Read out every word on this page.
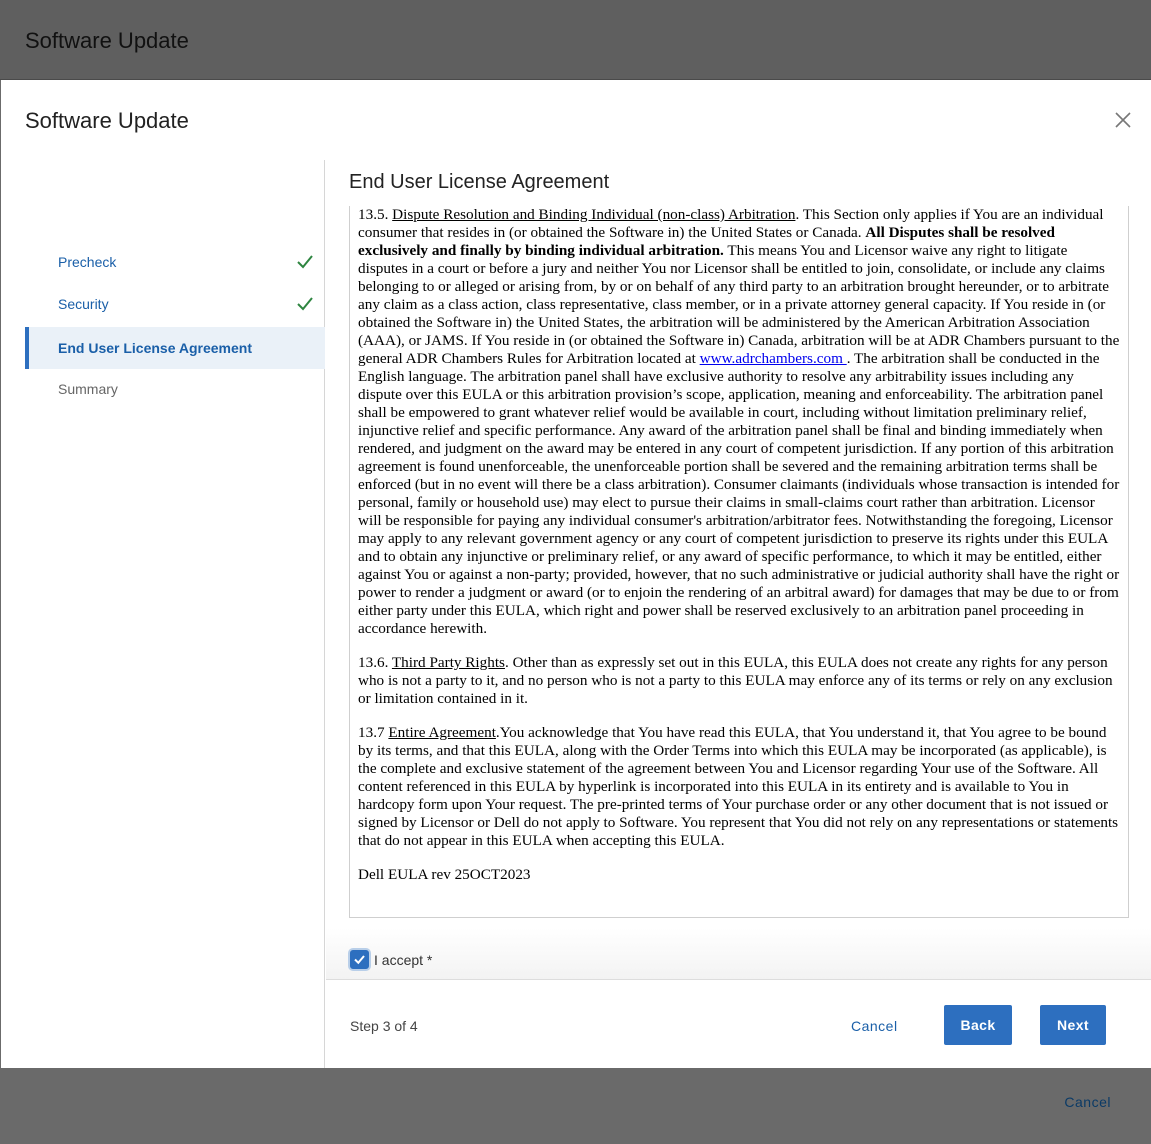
Software Update
Software Update
Precheck
Security
End User License Agreement
Summary
End User License Agreement

13.5. Dispute Resolution and Binding Individual (non-class) Arbitration. This Section only applies if You are an individual consumer that resides in (or obtained the Software in) the United States or Canada. All Disputes shall be resolved exclusively and finally by binding individual arbitration. This means You and Licensor waive any right to litigate disputes in a court or before a jury and neither You nor Licensor shall be entitled to join, consolidate, or include any claims belonging to or alleged or arising from, by or on behalf of any third party to an arbitration brought hereunder, or to arbitrate any claim as a class action, class representative, class member, or in a private attorney general capacity. If You reside in (or obtained the Software in) the United States, the arbitration will be administered by the American Arbitration Association (AAA), or JAMS. If You reside in (or obtained the Software in) Canada, arbitration will be at ADR Chambers pursuant to the general ADR Chambers Rules for Arbitration located at www.adrchambers.com . The arbitration shall be conducted in the English language. The arbitration panel shall have exclusive authority to resolve any arbitrability issues including any dispute over this EULA or this arbitration provision’s scope, application, meaning and enforceability. The arbitration panel shall be empowered to grant whatever relief would be available in court, including without limitation preliminary relief, injunctive relief and specific performance. Any award of the arbitration panel shall be final and binding immediately when rendered, and judgment on the award may be entered in any court of competent jurisdiction. If any portion of this arbitration agreement is found unenforceable, the unenforceable portion shall be severed and the remaining arbitration terms shall be enforced (but in no event will there be a class arbitration). Consumer claimants (individuals whose transaction is intended for personal, family or household use) may elect to pursue their claims in small-claims court rather than arbitration. Licensor will be responsible for paying any individual consumer's arbitration/arbitrator fees. Notwithstanding the foregoing, Licensor may apply to any relevant government agency or any court of competent jurisdiction to preserve its rights under this EULA and to obtain any injunctive or preliminary relief, or any award of specific performance, to which it may be entitled, either against You or against a non-party; provided, however, that no such administrative or judicial authority shall have the right or power to render a judgment or award (or to enjoin the rendering of an arbitral award) for damages that may be due to or from either party under this EULA, which right and power shall be reserved exclusively to an arbitration panel proceeding in accordance herewith.

13.6. Third Party Rights. Other than as expressly set out in this EULA, this EULA does not create any rights for any person who is not a party to it, and no person who is not a party to this EULA may enforce any of its terms or rely on any exclusion or limitation contained in it.

13.7 Entire Agreement.You acknowledge that You have read this EULA, that You understand it, that You agree to be bound by its terms, and that this EULA, along with the Order Terms into which this EULA may be incorporated (as applicable), is the complete and exclusive statement of the agreement between You and Licensor regarding Your use of the Software. All content referenced in this EULA by hyperlink is incorporated into this EULA in its entirety and is available to You in hardcopy form upon Your request. The pre-printed terms of Your purchase order or any other document that is not issued or signed by Licensor or Dell do not apply to Software. You represent that You did not rely on any representations or statements that do not appear in this EULA when accepting this EULA.

Dell EULA rev 25OCT2023

I accept *
Step 3 of 4	Cancel	Back	Next
Cancel
